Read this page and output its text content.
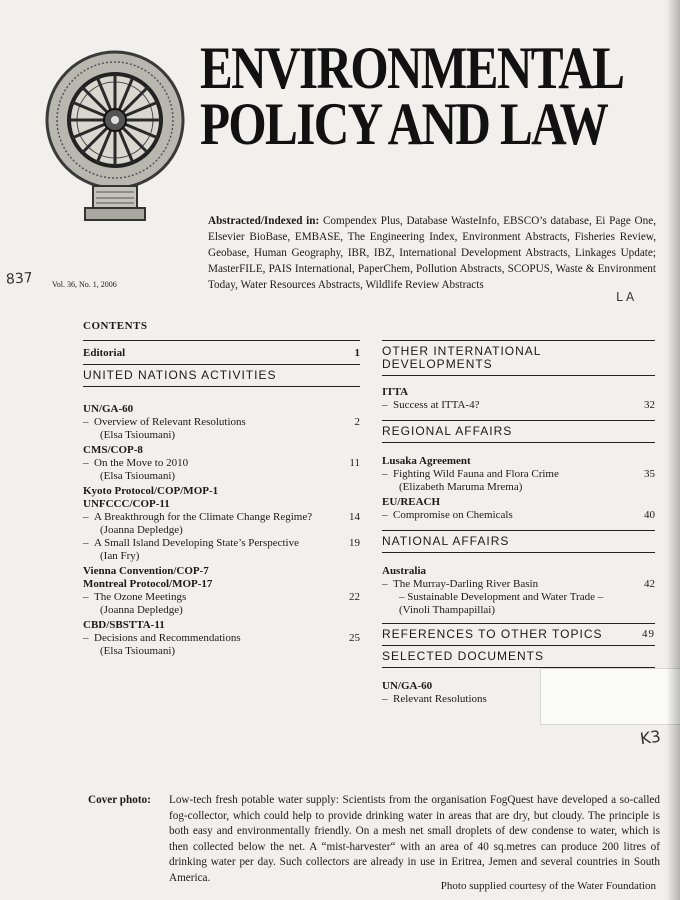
ENVIRONMENTAL
POLICY AND LAW
Abstracted/Indexed in: Compendex Plus, Database WasteInfo, EBSCO’s database, Ei Page One, Elsevier BioBase, EMBASE, The Engineering Index, Environment Abstracts, Fisheries Review, Geobase, Human Geography, IBR, IBZ, International Development Abstracts, Linkages Update; MasterFILE, PAIS International, PaperChem, Pollution Abstracts, SCOPUS, Waste & Environment Today, Water Resources Abstracts, Wildlife Review Abstracts
837
LA
Vol. 36, No. 1, 2006
CONTENTS
Editorial	1
UNITED NATIONS ACTIVITIES
UN/GA-60
– Overview of Relevant Resolutions	2
(Elsa Tsioumani)
CMS/COP-8
– On the Move to 2010	11
(Elsa Tsioumani)
Kyoto Protocol/COP/MOP-1
UNFCCC/COP-11
– A Breakthrough for the Climate Change Regime?	14
(Joanna Depledge)
– A Small Island Developing State’s Perspective	19
(Ian Fry)
Vienna Convention/COP-7
Montreal Protocol/MOP-17
– The Ozone Meetings	22
(Joanna Depledge)
CBD/SBSTTA-11
– Decisions and Recommendations	25
(Elsa Tsioumani)
OTHER INTERNATIONAL DEVELOPMENTS
ITTA
– Success at ITTA-4?	32
REGIONAL AFFAIRS
Lusaka Agreement
– Fighting Wild Fauna and Flora Crime	35
(Elizabeth Maruma Mrema)
EU/REACH
– Compromise on Chemicals	40
NATIONAL AFFAIRS
Australia
– The Murray-Darling River Basin	42
– Sustainable Development and Water Trade –
(Vinoli Thampapillai)
REFERENCES TO OTHER TOPICS	49
SELECTED DOCUMENTS
UN/GA-60
– Relevant Resolutions
K3
Cover photo: Low-tech fresh potable water supply: Scientists from the organisation FogQuest have developed a so-called fog-collector, which could help to provide drinking water in areas that are dry, but cloudy. The principle is both easy and environmentally friendly. On a mesh net small droplets of dew condense to water, which is then collected below the net. A “mist-harvester“ with an area of 40 sq.metres can produce 200 litres of drinking water per day. Such collectors are already in use in Eritrea, Jemen and several countries in South America.
Photo supplied courtesy of the Water Foundation
